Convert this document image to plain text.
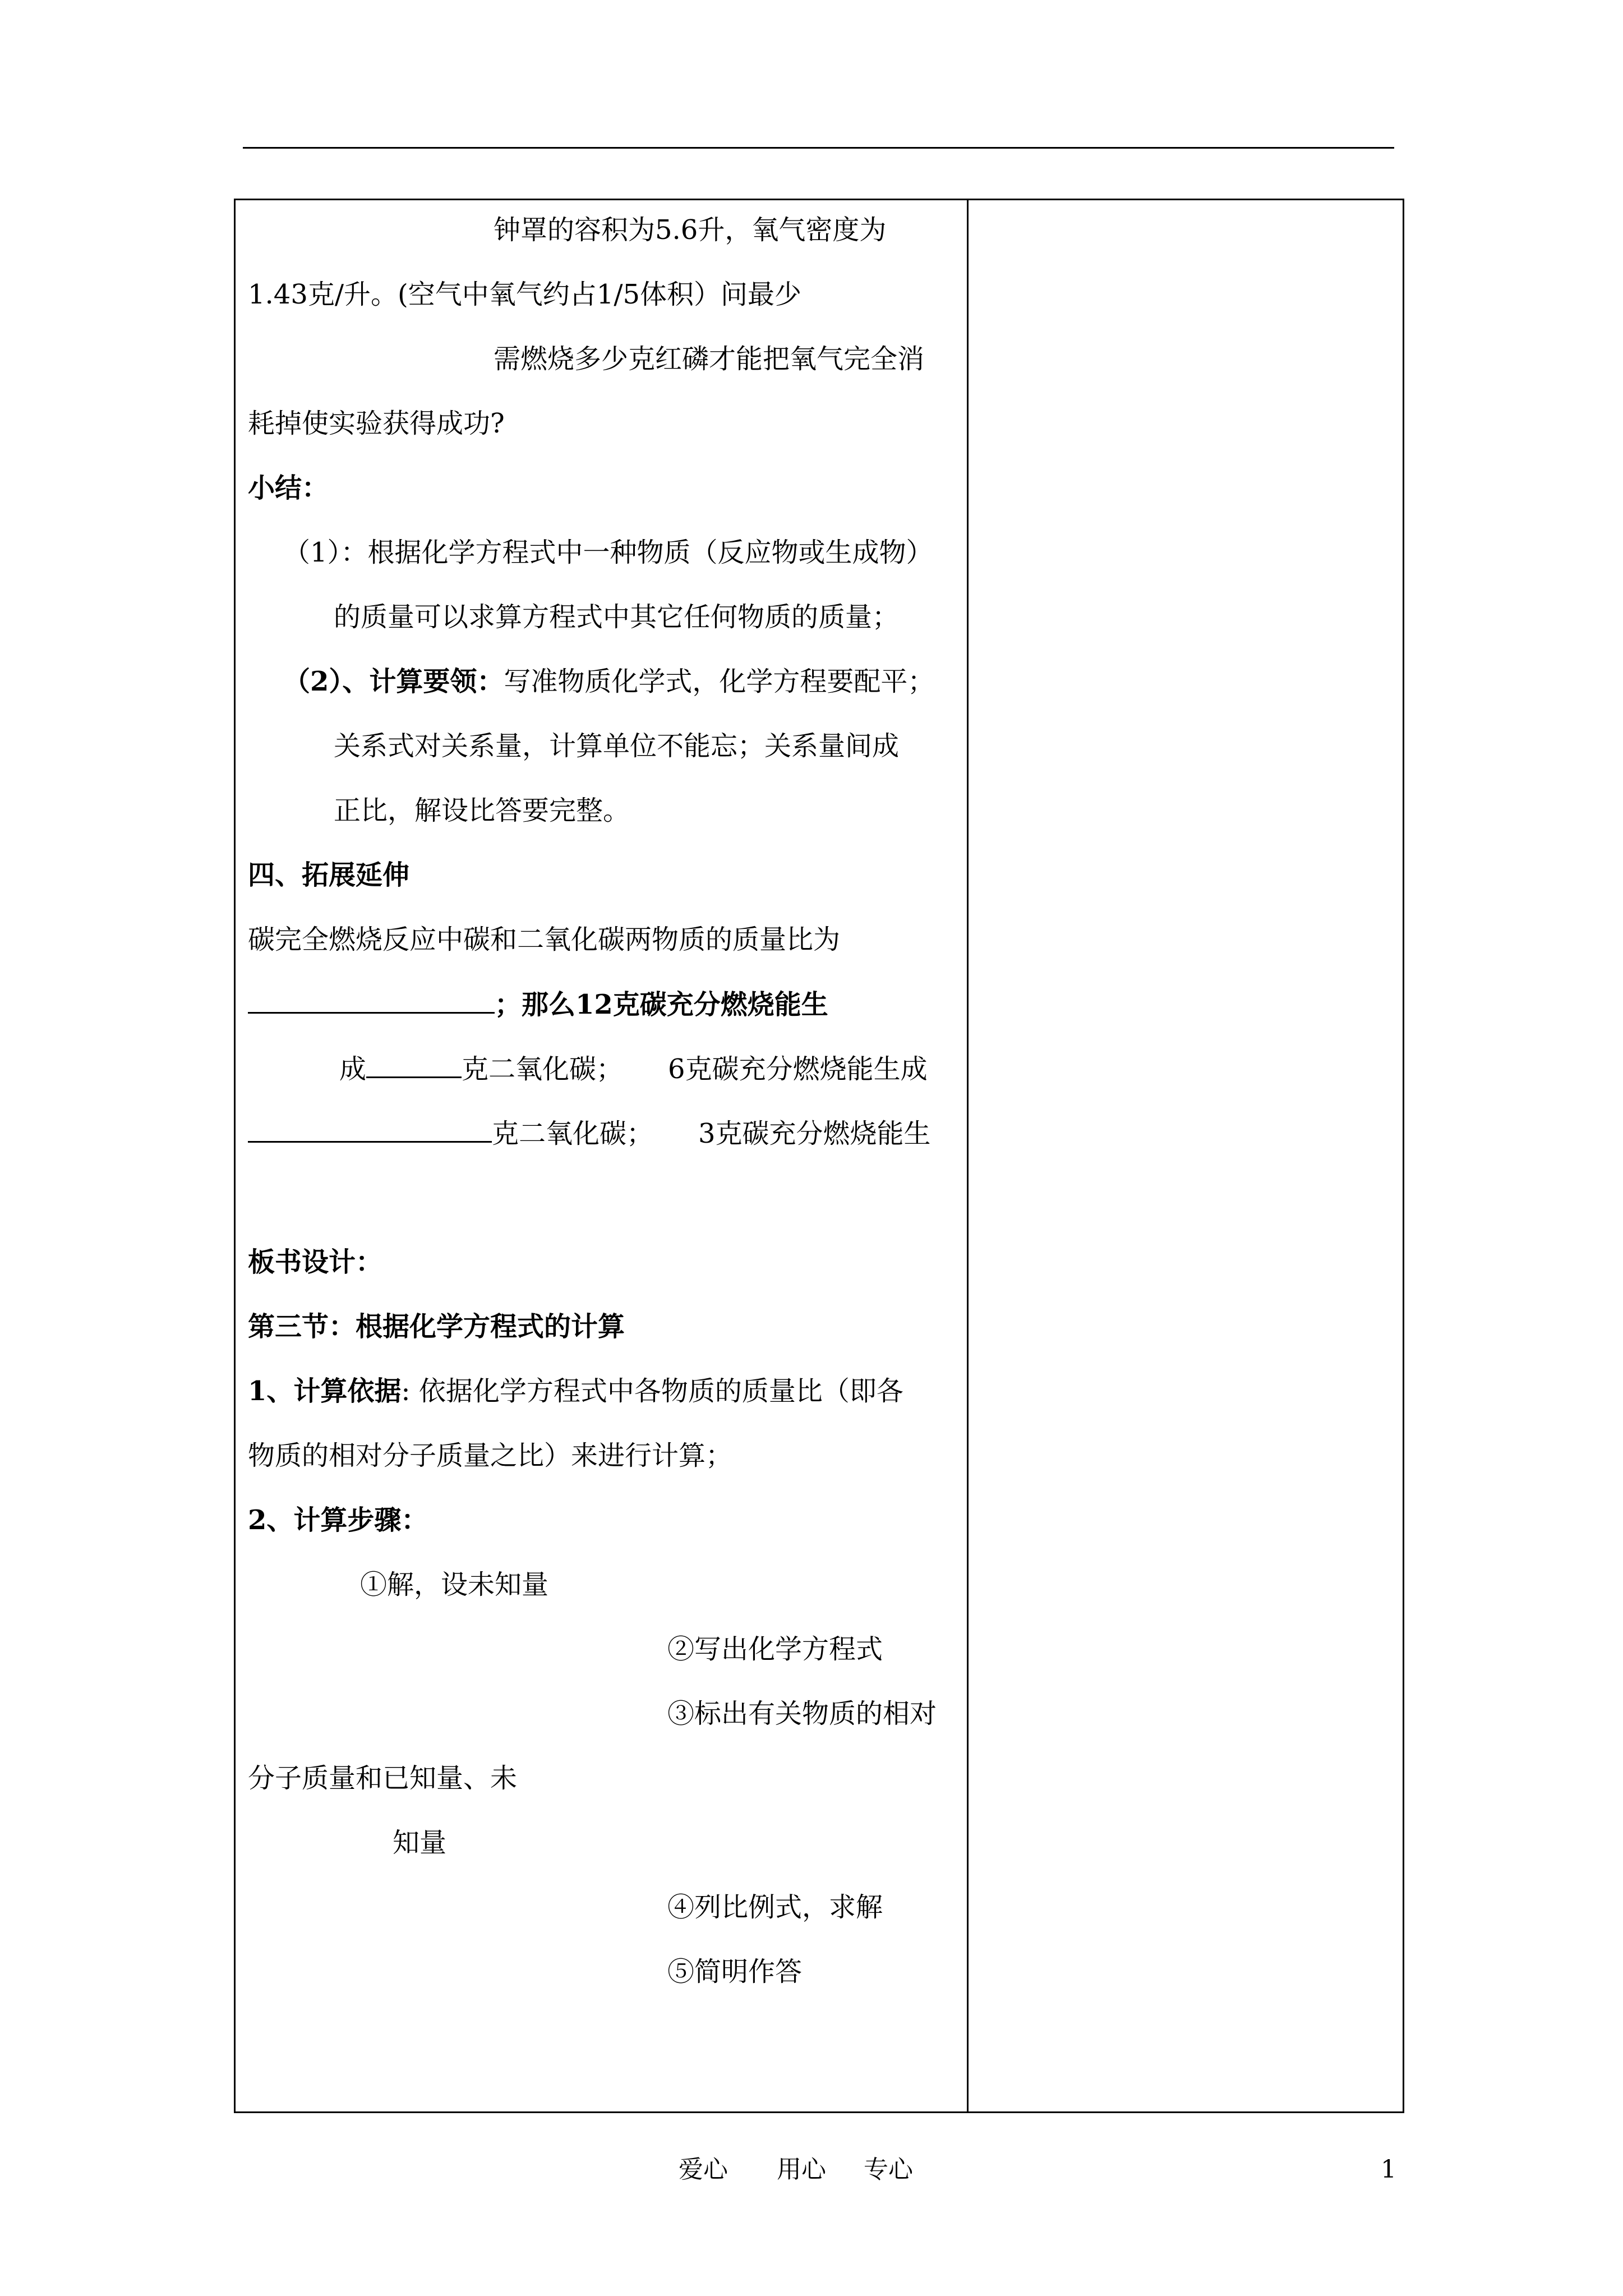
钟罩的容积为5.6升，氧气密度为
1.43克/升。(空气中氧气约占1/5体积）问最少
需燃烧多少克红磷才能把氧气完全消
耗掉使实验获得成功?
小结：
（1）：根据化学方程式中一种物质（反应物或生成物）
的质量可以求算方程式中其它任何物质的质量；
（2）、计算要领：写准物质化学式，化学方程要配平；
关系式对关系量，计算单位不能忘；关系量间成
正比，解设比答要完整。
四、拓展延伸
碳完全燃烧反应中碳和二氧化碳两物质的质量比为
；那么12克碳充分燃烧能生
成	克二氧化碳； 6克碳充分燃烧能生成
克二氧化碳； 3克碳充分燃烧能生
板书设计：
第三节：根据化学方程式的计算
1、计算依据: 依据化学方程式中各物质的质量比（即各
物质的相对分子质量之比）来进行计算；
2、计算步骤：
①解，设未知量
②写出化学方程式
③标出有关物质的相对
分子质量和已知量、未
知量
④列比例式，求解
⑤简明作答
爱心 用心 专心	1
